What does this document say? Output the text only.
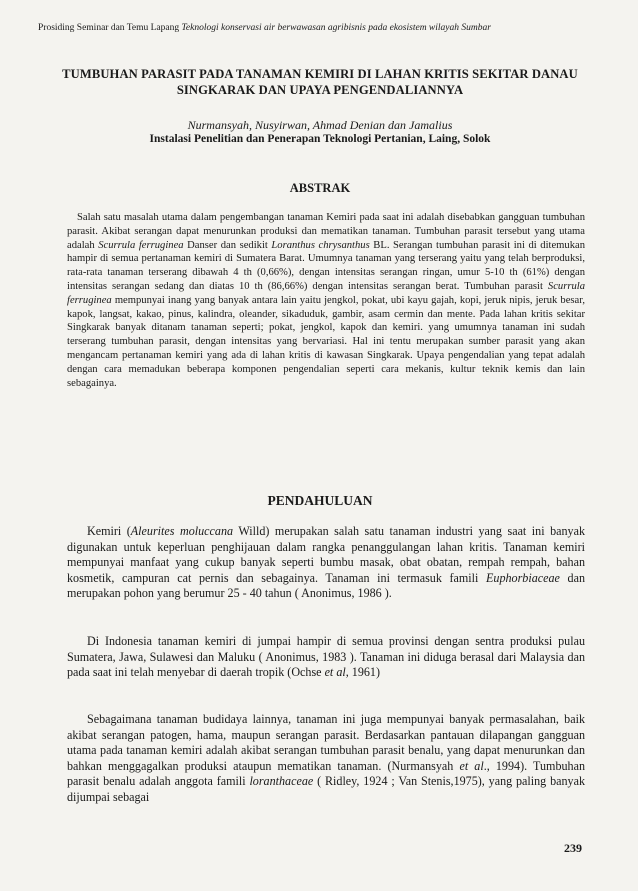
Prosiding Seminar dan Temu Lapang Teknologi konservasi air berwawasan agribisnis pada ekosistem wilayah Sumbar
TUMBUHAN PARASIT PADA TANAMAN KEMIRI DI LAHAN KRITIS SEKITAR DANAU SINGKARAK DAN UPAYA PENGENDALIANNYA
Nurmansyah, Nusyirwan, Ahmad Denian dan Jamalius
Instalasi Penelitian dan Penerapan Teknologi Pertanian, Laing, Solok
ABSTRAK

Salah satu masalah utama dalam pengembangan tanaman Kemiri pada saat ini adalah disebabkan gangguan tumbuhan parasit. Akibat serangan dapat menurunkan produksi dan mematikan tanaman. Tumbuhan parasit tersebut yang utama adalah Scurrula ferruginea Danser dan sedikit Loranthus chrysanthus BL. Serangan tumbuhan parasit ini di ditemukan hampir di semua pertanaman kemiri di Sumatera Barat. Umumnya tanaman yang terserang yaitu yang telah berproduksi, rata-rata tanaman terserang dibawah 4 th (0,66%), dengan intensitas serangan ringan, umur 5-10 th (61%) dengan intensitas serangan sedang dan diatas 10 th (86,66%) dengan intensitas serangan berat. Tumbuhan parasit Scurrula ferruginea mempunyai inang yang banyak antara lain yaitu jengkol, pokat, ubi kayu gajah, kopi, jeruk nipis, jeruk besar, kapok, langsat, kakao, pinus, kalindra, oleander, sikaduduk, gambir, asam cermin dan mente. Pada lahan kritis sekitar Singkarak banyak ditanam tanaman seperti; pokat, jengkol, kapok dan kemiri. yang umumnya tanaman ini sudah terserang tumbuhan parasit, dengan intensitas yang bervariasi. Hal ini tentu merupakan sumber parasit yang akan mengancam pertanaman kemiri yang ada di lahan kritis di kawasan Singkarak. Upaya pengendalian yang tepat adalah dengan cara memadukan beberapa komponen pengendalian seperti cara mekanis, kultur teknik kemis dan lain sebagainya.

PENDAHULUAN

Kemiri (Aleurites moluccana Willd) merupakan salah satu tanaman industri yang saat ini banyak digunakan untuk keperluan penghijauan dalam rangka penanggulangan lahan kritis. Tanaman kemiri mempunyai manfaat yang cukup banyak seperti bumbu masak, obat obatan, rempah rempah, bahan kosmetik, campuran cat pernis dan sebagainya. Tanaman ini termasuk famili Euphorbiaceae dan merupakan pohon yang berumur 25 - 40 tahun ( Anonimus, 1986 ).

Di Indonesia tanaman kemiri di jumpai hampir di semua provinsi dengan sentra produksi pulau Sumatera, Jawa, Sulawesi dan Maluku ( Anonimus, 1983 ). Tanaman ini diduga berasal dari Malaysia dan pada saat ini telah menyebar di daerah tropik (Ochse et al, 1961)

Sebagaimana tanaman budidaya lainnya, tanaman ini juga mempunyai banyak permasalahan, baik akibat serangan patogen, hama, maupun serangan parasit. Berdasarkan pantauan dilapangan gangguan utama pada tanaman kemiri adalah akibat serangan tumbuhan parasit benalu, yang dapat menurunkan dan bahkan menggagalkan produksi ataupun mematikan tanaman. (Nurmansyah et al., 1994). Tumbuhan parasit benalu adalah anggota famili loranthaceae ( Ridley, 1924 ; Van Stenis,1975), yang paling banyak dijumpai sebagai

239
